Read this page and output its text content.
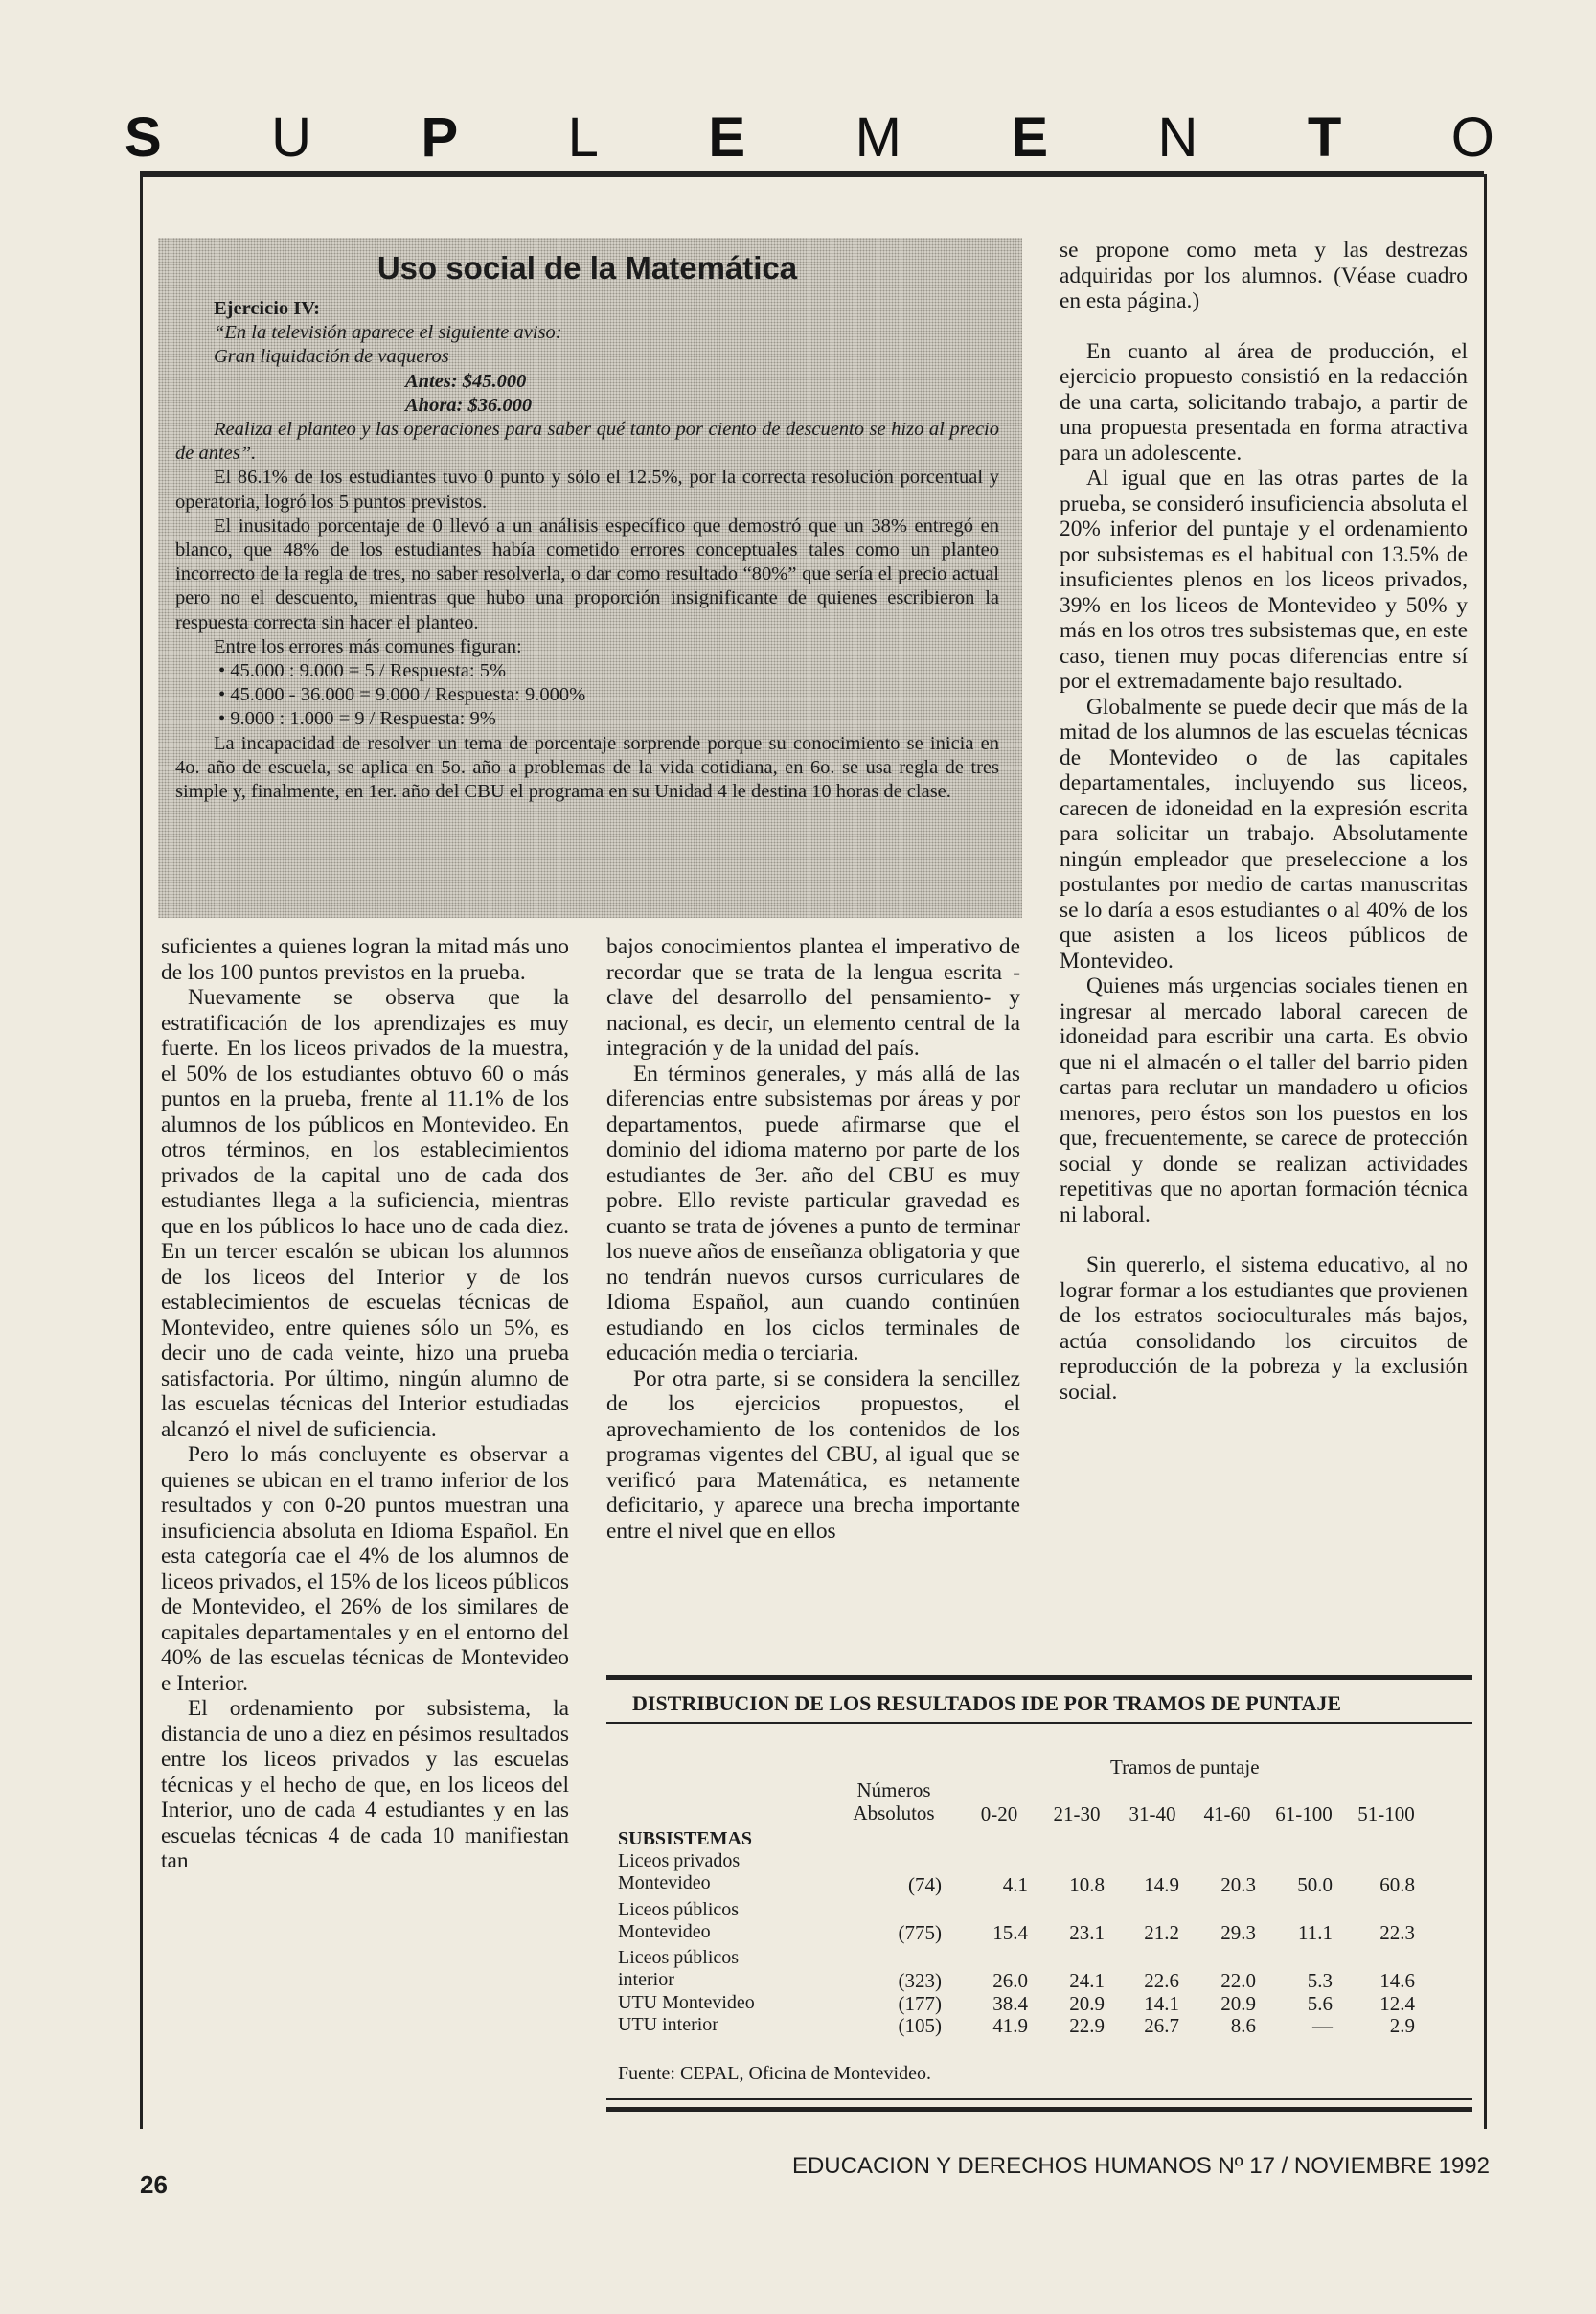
S U P L E M E N T O
Uso social de la Matemática

Ejercicio IV:

“En la televisión aparece el siguiente aviso:

Gran liquidación de vaqueros

Antes: $45.000

Ahora: $36.000

Realiza el planteo y las operaciones para saber qué tanto por ciento de descuento se hizo al precio de antes”.

El 86.1% de los estudiantes tuvo 0 punto y sólo el 12.5%, por la correcta resolución porcentual y operatoria, logró los 5 puntos previstos.

El inusitado porcentaje de 0 llevó a un análisis específico que demostró que un 38% entregó en blanco, que 48% de los estudiantes había cometido errores conceptuales tales como un planteo incorrecto de la regla de tres, no saber resolverla, o dar como resultado “80%” que sería el precio actual pero no el descuento, mientras que hubo una proporción insignificante de quienes escribieron la respuesta correcta sin hacer el planteo.

Entre los errores más comunes figuran:

• 45.000 : 9.000 = 5 / Respuesta: 5%

• 45.000 - 36.000 = 9.000 / Respuesta: 9.000%

• 9.000 : 1.000 = 9 / Respuesta: 9%

La incapacidad de resolver un tema de porcentaje sorprende porque su conocimiento se inicia en 4o. año de escuela, se aplica en 5o. año a problemas de la vida cotidiana, en 6o. se usa regla de tres simple y, finalmente, en 1er. año del CBU el programa en su Unidad 4 le destina 10 horas de clase.

suficientes a quienes logran la mitad más uno de los 100 puntos previstos en la prueba.

Nuevamente se observa que la estratificación de los aprendizajes es muy fuerte. En los liceos privados de la muestra, el 50% de los estudiantes obtuvo 60 o más puntos en la prueba, frente al 11.1% de los alumnos de los públicos en Montevideo. En otros términos, en los establecimientos privados de la capital uno de cada dos estudiantes llega a la suficiencia, mientras que en los públicos lo hace uno de cada diez. En un tercer escalón se ubican los alumnos de los liceos del Interior y de los establecimientos de escuelas técnicas de Montevideo, entre quienes sólo un 5%, es decir uno de cada veinte, hizo una prueba satisfactoria. Por último, ningún alumno de las escuelas técnicas del Interior estudiadas alcanzó el nivel de suficiencia.

Pero lo más concluyente es observar a quienes se ubican en el tramo inferior de los resultados y con 0-20 puntos muestran una insuficiencia absoluta en Idioma Español. En esta categoría cae el 4% de los alumnos de liceos privados, el 15% de los liceos públicos de Montevideo, el 26% de los similares de capitales departamentales y en el entorno del 40% de las escuelas técnicas de Montevideo e Interior.

El ordenamiento por subsistema, la distancia de uno a diez en pésimos resultados entre los liceos privados y las escuelas técnicas y el hecho de que, en los liceos del Interior, uno de cada 4 estudiantes y en las escuelas técnicas 4 de cada 10 manifiestan tan

bajos conocimientos plantea el imperativo de recordar que se trata de la lengua escrita -clave del desarrollo del pensamiento- y nacional, es decir, un elemento central de la integración y de la unidad del país.

En términos generales, y más allá de las diferencias entre subsistemas por áreas y por departamentos, puede afirmarse que el dominio del idioma materno por parte de los estudiantes de 3er. año del CBU es muy pobre. Ello reviste particular gravedad es cuanto se trata de jóvenes a punto de terminar los nueve años de enseñanza obligatoria y que no tendrán nuevos cursos curriculares de Idioma Español, aun cuando continúen estudiando en los ciclos terminales de educación media o terciaria.

Por otra parte, si se considera la sencillez de los ejercicios propuestos, el aprovechamiento de los contenidos de los programas vigentes del CBU, al igual que se verificó para Matemática, es netamente deficitario, y aparece una brecha importante entre el nivel que en ellos

se propone como meta y las destrezas adquiridas por los alumnos. (Véase cuadro en esta página.)

En cuanto al área de producción, el ejercicio propuesto consistió en la redacción de una carta, solicitando trabajo, a partir de una propuesta presentada en forma atractiva para un adolescente.

Al igual que en las otras partes de la prueba, se consideró insuficiencia absoluta el 20% inferior del puntaje y el ordenamiento por subsistemas es el habitual con 13.5% de insuficientes plenos en los liceos privados, 39% en los liceos de Montevideo y 50% y más en los otros tres subsistemas que, en este caso, tienen muy pocas diferencias entre sí por el extremadamente bajo resultado.

Globalmente se puede decir que más de la mitad de los alumnos de las escuelas técnicas de Montevideo o de las capitales departamentales, incluyendo sus liceos, carecen de idoneidad en la expresión escrita para solicitar un trabajo. Absolutamente ningún empleador que preseleccione a los postulantes por medio de cartas manuscritas se lo daría a esos estudiantes o al 40% de los que asisten a los liceos públicos de Montevideo.

Quienes más urgencias sociales tienen en ingresar al mercado laboral carecen de idoneidad para escribir una carta. Es obvio que ni el almacén o el taller del barrio piden cartas para reclutar un mandadero u oficios menores, pero éstos son los puestos en los que, frecuentemente, se carece de protección social y donde se realizan actividades repetitivas que no aportan formación técnica ni laboral.

Sin quererlo, el sistema educativo, al no lograr formar a los estudiantes que provienen de los estratos socioculturales más bajos, actúa consolidando los circuitos de reproducción de la pobreza y la exclusión social.

DISTRIBUCION DE LOS RESULTADOS IDE POR TRAMOS DE PUNTAJE
Tramos de puntaje
Números
Absolutos	0-20	21-30	31-40	41-60	61-100	51-100
SUBSISTEMAS
Liceos privados
Montevideo	(74)	4.1	10.8	14.9	20.3	50.0	60.8
Liceos públicos
Montevideo	(775)	15.4	23.1	21.2	29.3	11.1	22.3
Liceos públicos
interior	(323)	26.0	24.1	22.6	22.0	5.3	14.6
UTU Montevideo	(177)	38.4	20.9	14.1	20.9	5.6	12.4
UTU interior	(105)	41.9	22.9	26.7	8.6	—	2.9
Fuente: CEPAL, Oficina de Montevideo.
26
EDUCACION Y DERECHOS HUMANOS Nº 17 / NOVIEMBRE 1992
